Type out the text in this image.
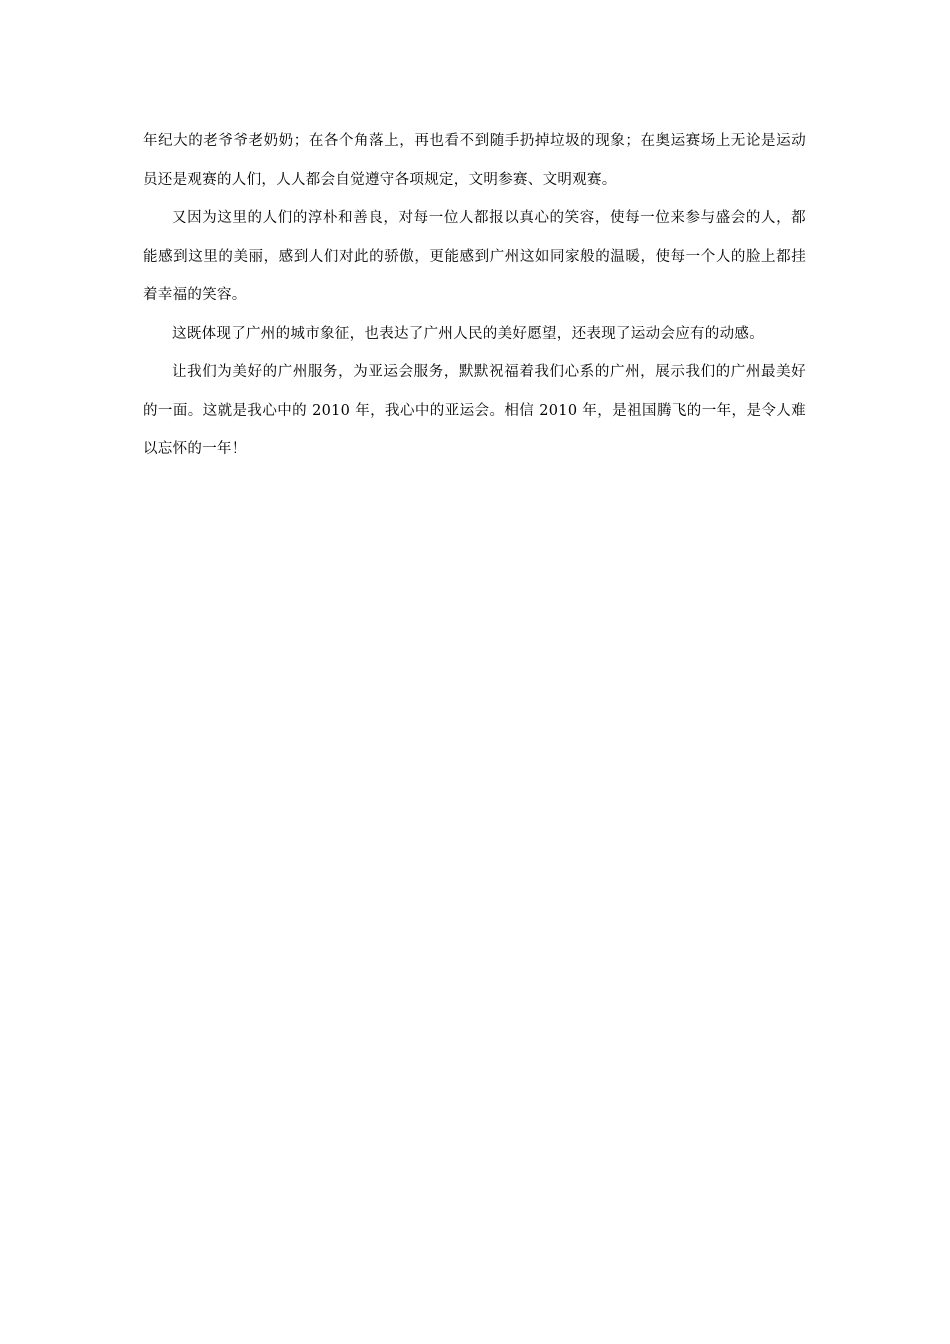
年纪大的老爷爷老奶奶；在各个角落上，再也看不到随手扔掉垃圾的现象；在奥运赛场上无论是运动员还是观赛的人们，人人都会自觉遵守各项规定，文明参赛、文明观赛。

又因为这里的人们的淳朴和善良，对每一位人都报以真心的笑容，使每一位来参与盛会的人，都能感到这里的美丽，感到人们对此的骄傲，更能感到广州这如同家般的温暖，使每一个人的脸上都挂着幸福的笑容。

这既体现了广州的城市象征，也表达了广州人民的美好愿望，还表现了运动会应有的动感。

让我们为美好的广州服务，为亚运会服务，默默祝福着我们心系的广州，展示我们的广州最美好的一面。这就是我心中的 2010 年，我心中的亚运会。相信 2010 年，是祖国腾飞的一年，是令人难以忘怀的一年！
